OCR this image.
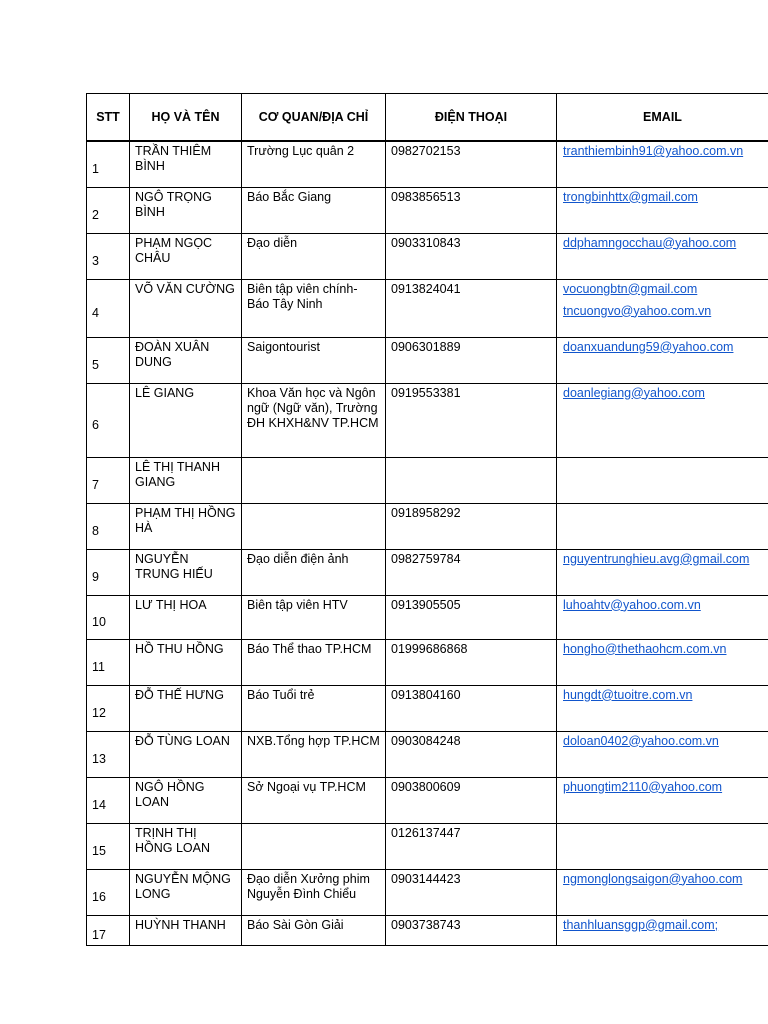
STT	HỌ VÀ TÊN	CƠ QUAN/ĐỊA CHỈ	ĐIỆN THOẠI	EMAIL
1	TRẦN THIÊM BÌNH	Trường Lục quân 2	0982702153	tranthiembinh91@yahoo.com.vn

2	NGÔ TRỌNG BÌNH	Báo Bắc Giang	0983856513	trongbinhttx@gmail.com

3	PHẠM NGỌC CHÂU	Đạo diễn	0903310843	ddphamngocchau@yahoo.com

4	VÕ VĂN CƯỜNG	Biên tập viên chính- Báo Tây Ninh	0913824041	vocuongbtn@gmail.com
tncuongvo@yahoo.com.vn

5	ĐOÀN XUÂN DUNG	Saigontourist	0906301889	doanxuandung59@yahoo.com

6	LÊ GIANG	Khoa Văn học và Ngôn ngữ (Ngữ văn), Trường ĐH KHXH&NV TP.HCM	0919553381	doanlegiang@yahoo.com

7	LÊ THỊ THANH GIANG			
8	PHẠM THỊ HỒNG HÀ		0918958292	
9	NGUYỄN TRUNG HIẾU	Đạo diễn điện ảnh	0982759784	nguyentrunghieu.avg@gmail.com

10	LƯ THỊ HOA	Biên tập viên HTV	0913905505	luhoahtv@yahoo.com.vn

11	HỒ THU HỒNG	Báo Thể thao TP.HCM	01999686868	hongho@thethaohcm.com.vn

12	ĐỖ THẾ HƯNG	Báo Tuổi trẻ	0913804160	hungdt@tuoitre.com.vn

13	ĐỖ TÙNG LOAN	NXB.Tổng hợp TP.HCM	0903084248	doloan0402@yahoo.com.vn

14	NGÔ HỒNG LOAN	Sở Ngoại vụ TP.HCM	0903800609	phuongtim2110@yahoo.com

15	TRỊNH THỊ HỒNG LOAN		0126137447	
16	NGUYỄN MỘNG LONG	Đạo diễn Xưởng phim Nguyễn Đình Chiểu	0903144423	ngmonglongsaigon@yahoo.com

17	HUỲNH THANH	Báo Sài Gòn Giải	0903738743	thanhluansggp@gmail.com;
